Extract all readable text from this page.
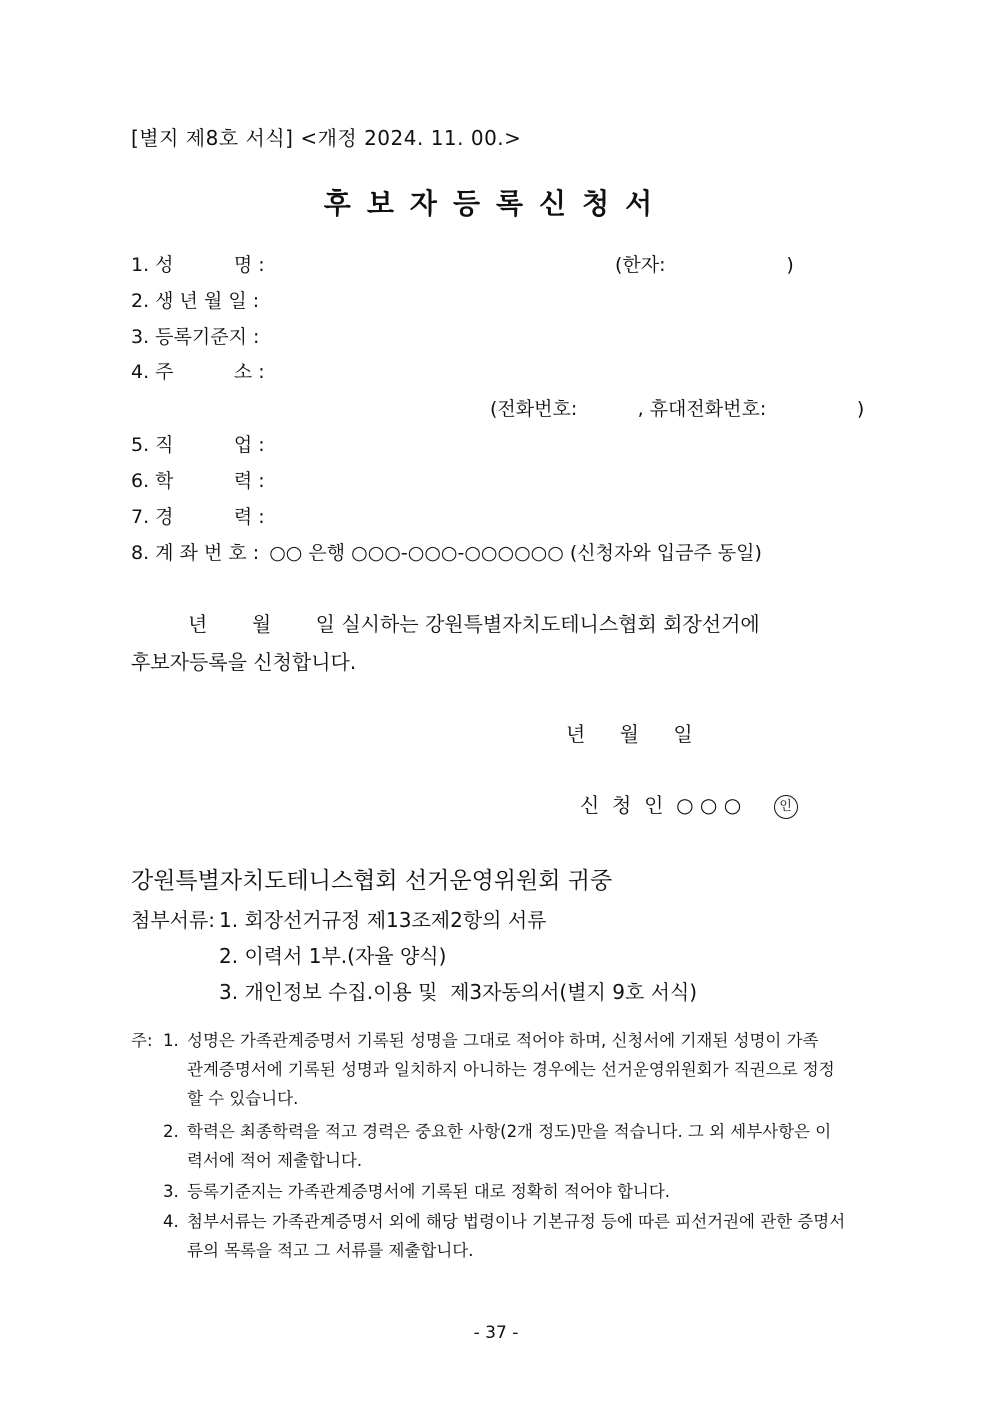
[별지 제8호 서식] <개정 2024. 11. 00.>
후보자등록신청서
1. 성          명 :	(한자:                    )
2. 생 년 월 일 :
3. 등록기준지 :
4. 주          소 :
(전화번호:          , 휴대전화번호:               )
5. 직          업 :
6. 학          력 :
7. 경          력 :
8. 계 좌 번 호 : ○○ 은행 ○○○-○○○-○○○○○○ (신청자와 입금주 동일)
년       월       일 실시하는 강원특별자치도테니스협회 회장선거에
후보자등록을 신청합니다.
년 월 일
신  청  인  ○ ○ ○	인
강원특별자치도테니스협회 선거운영위원회 귀중
첨부서류: 1. 회장선거규정 제13조제2항의 서류
2. 이력서 1부.(자율 양식)
3. 개인정보 수집.이용 및  제3자동의서(별지 9호 서식)
주: 1. 성명은 가족관계증명서 기록된 성명을 그대로 적어야 하며, 신청서에 기재된 성명이 가족
관계증명서에 기록된 성명과 일치하지 아니하는 경우에는 선거운영위원회가 직권으로 정정
할 수 있습니다.
2. 학력은 최종학력을 적고 경력은 중요한 사항(2개 정도)만을 적습니다. 그 외 세부사항은 이
력서에 적어 제출합니다.
3. 등록기준지는 가족관계증명서에 기록된 대로 정확히 적어야 합니다.
4. 첨부서류는 가족관계증명서 외에 해당 법령이나 기본규정 등에 따른 피선거권에 관한 증명서
류의 목록을 적고 그 서류를 제출합니다.
- 37 -
